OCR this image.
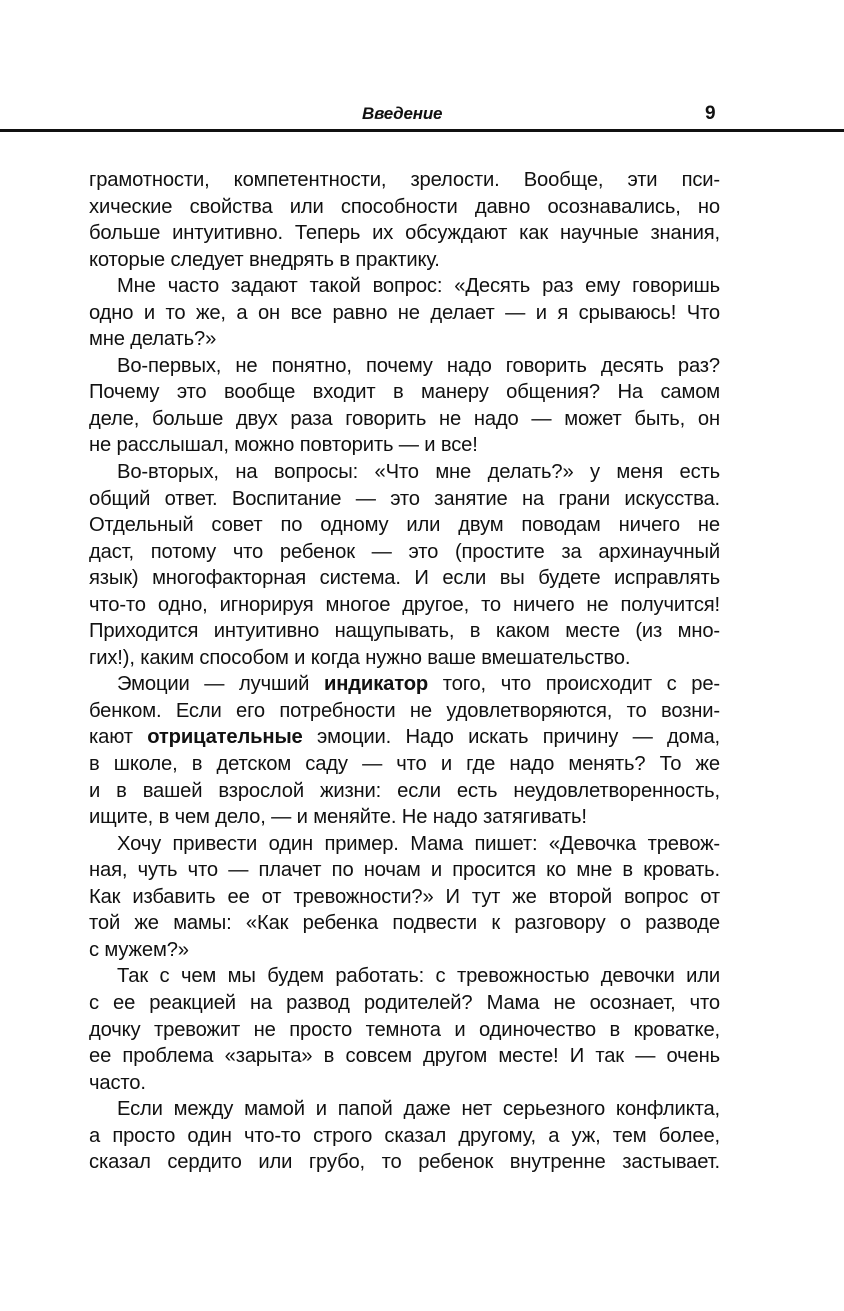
Введение	9
грамотности, компетентности, зрелости. Вообще, эти пси-
хические свойства или способности давно осознавались, но
больше интуитивно. Теперь их обсуждают как научные знания,
которые следует внедрять в практику.
Мне часто задают такой вопрос: «Десять раз ему говоришь
одно и то же, а он все равно не делает — и я срываюсь! Что
мне делать?»
Во-первых, не понятно, почему надо говорить десять раз?
Почему это вообще входит в манеру общения? На самом
деле, больше двух раза говорить не надо — может быть, он
не расслышал, можно повторить — и все!
Во-вторых, на вопросы: «Что мне делать?» у меня есть
общий ответ. Воспитание — это занятие на грани искусства.
Отдельный совет по одному или двум поводам ничего не
даст, потому что ребенок — это (простите за архинаучный
язык) многофакторная система. И если вы будете исправлять
что-то одно, игнорируя многое другое, то ничего не получится!
Приходится интуитивно нащупывать, в каком месте (из мно-
гих!), каким способом и когда нужно ваше вмешательство.
Эмоции — лучший индикатор того, что происходит с ре-
бенком. Если его потребности не удовлетворяются, то возни-
кают отрицательные эмоции. Надо искать причину — дома,
в школе, в детском саду — что и где надо менять? То же
и в вашей взрослой жизни: если есть неудовлетворенность,
ищите, в чем дело, — и меняйте. Не надо затягивать!
Хочу привести один пример. Мама пишет: «Девочка тревож-
ная, чуть что — плачет по ночам и просится ко мне в кровать.
Как избавить ее от тревожности?» И тут же второй вопрос от
той же мамы: «Как ребенка подвести к разговору о разводе
с мужем?»
Так с чем мы будем работать: с тревожностью девочки или
с ее реакцией на развод родителей? Мама не осознает, что
дочку тревожит не просто темнота и одиночество в кроватке,
ее проблема «зарыта» в совсем другом месте! И так — очень
часто.
Если между мамой и папой даже нет серьезного конфликта,
а просто один что-то строго сказал другому, а уж, тем более,
сказал сердито или грубо, то ребенок внутренне застывает.
